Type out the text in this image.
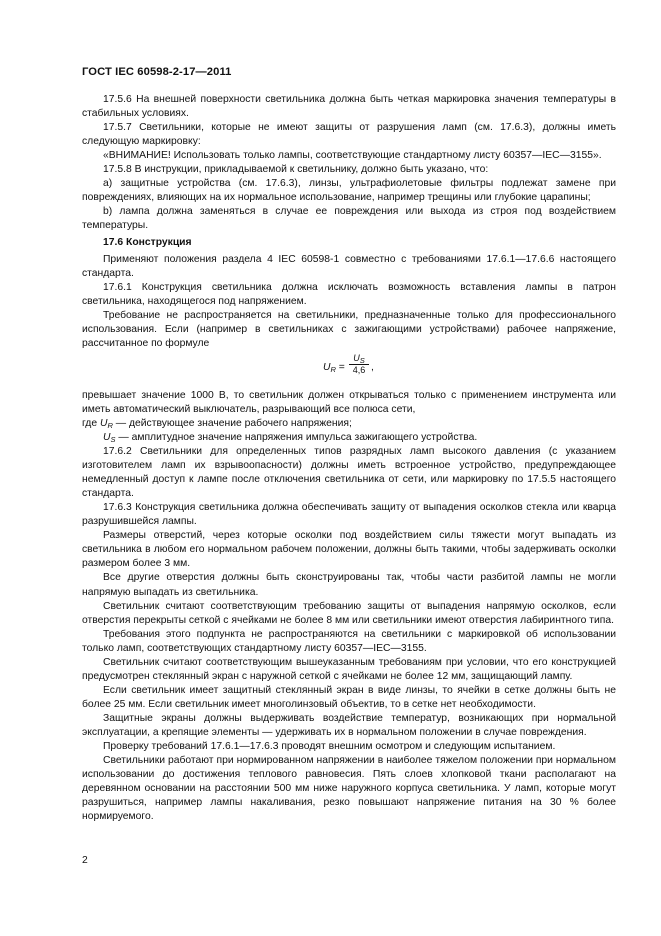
ГОСТ IEC 60598-2-17—2011

17.5.6 На внешней поверхности светильника должна быть четкая маркировка значения температуры в стабильных условиях.

17.5.7 Светильники, которые не имеют защиты от разрушения ламп (см. 17.6.3), должны иметь следующую маркировку:

«ВНИМАНИЕ! Использовать только лампы, соответствующие стандартному листу 60357—IEC—3155».

17.5.8 В инструкции, прикладываемой к светильнику, должно быть указано, что:

a) защитные устройства (см. 17.6.3), линзы, ультрафиолетовые фильтры подлежат замене при повреждениях, влияющих на их нормальное использование, например трещины или глубокие царапины;

b) лампа должна заменяться в случае ее повреждения или выхода из строя под воздействием температуры.

17.6 Конструкция

Применяют положения раздела 4 IEC 60598-1 совместно с требованиями 17.6.1—17.6.6 настоящего стандарта.

17.6.1 Конструкция светильника должна исключать возможность вставления лампы в патрон светильника, находящегося под напряжением.

Требование не распространяется на светильники, предназначенные только для профессионального использования. Если (например в светильниках с зажигающими устройствами) рабочее напряжение, рассчитанное по формуле

$U_R$ =
$U_S$
4,6 ,

превышает значение 1000 В, то светильник должен открываться только с применением инструмента или иметь автоматический выключатель, разрывающий все полюса сети,

где $U_R$ — действующее значение рабочего напряжения;

$U_S$ — амплитудное значение напряжения импульса зажигающего устройства.

17.6.2 Светильники для определенных типов разрядных ламп высокого давления (с указанием изготовителем ламп их взрывоопасности) должны иметь встроенное устройство, предупреждающее немедленный доступ к лампе после отключения светильника от сети, или маркировку по 17.5.5 настоящего стандарта.

17.6.3 Конструкция светильника должна обеспечивать защиту от выпадения осколков стекла или кварца разрушившейся лампы.

Размеры отверстий, через которые осколки под воздействием силы тяжести могут выпадать из светильника в любом его нормальном рабочем положении, должны быть такими, чтобы задерживать осколки размером более 3 мм.

Все другие отверстия должны быть сконструированы так, чтобы части разбитой лампы не могли напрямую выпадать из светильника.

Светильник считают соответствующим требованию защиты от выпадения напрямую осколков, если отверстия перекрыты сеткой с ячейками не более 8 мм или светильники имеют отверстия лабиринтного типа.

Требования этого подпункта не распространяются на светильники с маркировкой об использовании только ламп, соответствующих стандартному листу 60357—IEC—3155.

Светильник считают соответствующим вышеуказанным требованиям при условии, что его конструкцией предусмотрен стеклянный экран с наружной сеткой с ячейками не более 12 мм, защищающий лампу.

Если светильник имеет защитный стеклянный экран в виде линзы, то ячейки в сетке должны быть не более 25 мм. Если светильник имеет многолинзовый объектив, то в сетке нет необходимости.

Защитные экраны должны выдерживать воздействие температур, возникающих при нормальной эксплуатации, а крепящие элементы — удерживать их в нормальном положении в случае повреждения.

Проверку требований 17.6.1—17.6.3 проводят внешним осмотром и следующим испытанием.

Светильники работают при нормированном напряжении в наиболее тяжелом положении при нормальном использовании до достижения теплового равновесия. Пять слоев хлопковой ткани располагают на деревянном основании на расстоянии 500 мм ниже наружного корпуса светильника. У ламп, которые могут разрушиться, например лампы накаливания, резко повышают напряжение питания на 30 % более нормируемого.

2
